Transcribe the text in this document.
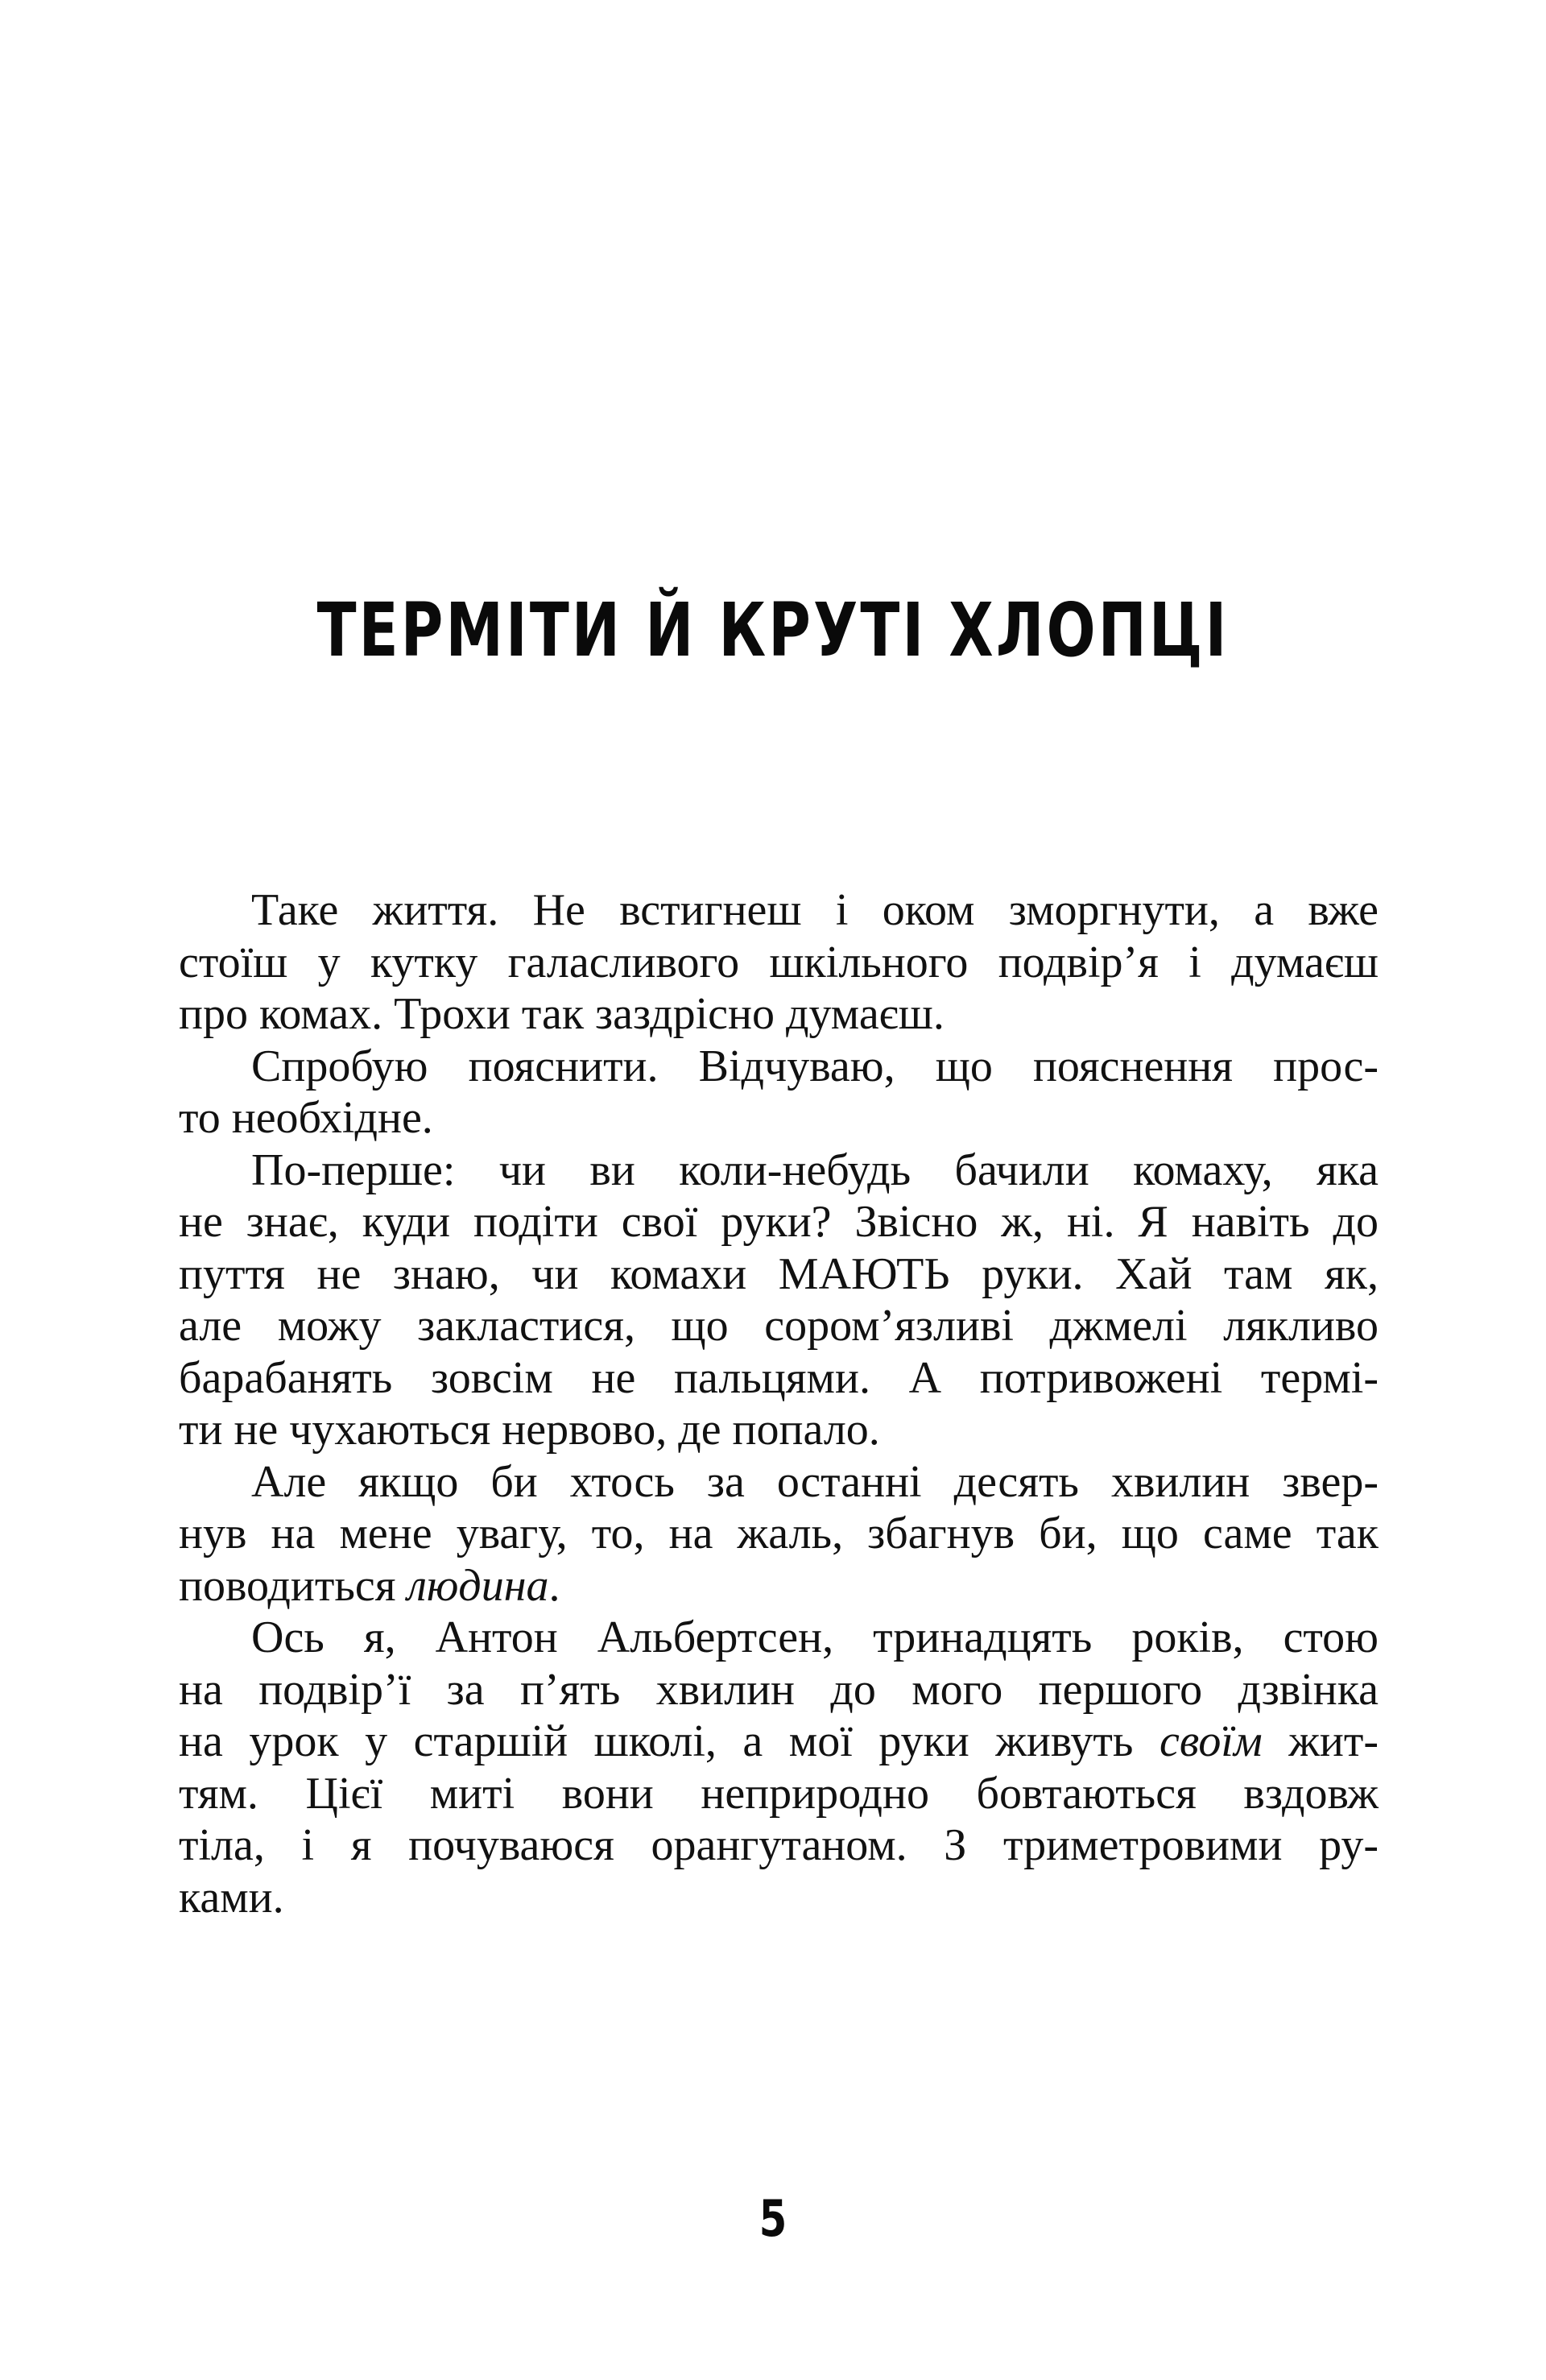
ТЕРМІТИ Й КРУТІ ХЛОПЦІ
Таке життя. Не встигнеш і оком зморгнути, а вже
стоїш у кутку галасливого шкільного подвір’я і думаєш
про комах. Трохи так заздрісно думаєш.
Спробую пояснити. Відчуваю, що пояснення прос-
то необхідне.
По-перше: чи ви коли-небудь бачили комаху, яка
не знає, куди подіти свої руки? Звісно ж, ні. Я навіть до
пуття не знаю, чи комахи МАЮТЬ руки. Хай там як,
але можу закластися, що сором’язливі джмелі лякливо
барабанять зовсім не пальцями. А потривожені термі-
ти не чухаються нервово, де попало.
Але якщо би хтось за останні десять хвилин звер-
нув на мене увагу, то, на жаль, збагнув би, що саме так
поводиться людина.
Ось я, Антон Альбертсен, тринадцять років, стою
на подвір’ї за п’ять хвилин до мого першого дзвінка
на урок у старшій школі, а мої руки живуть своїм жит-
тям. Цієї миті вони неприродно бовтаються вздовж
тіла, і я почуваюся орангутаном. З триметровими ру-
ками.
5
